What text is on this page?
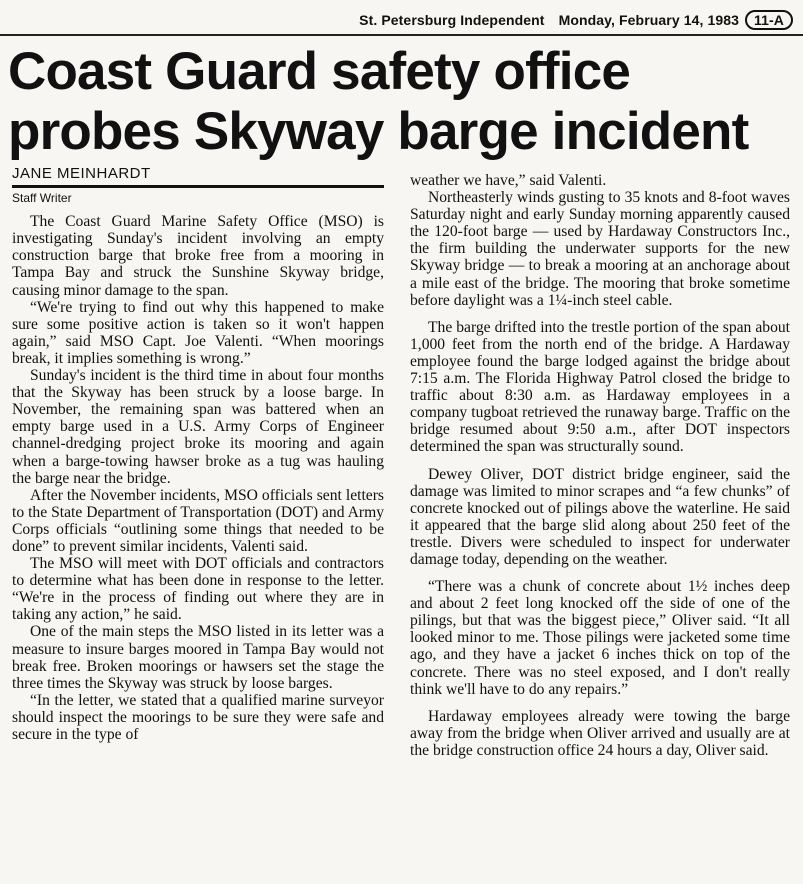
St. Petersburg Independent Monday, February 14, 1983	11-A
Coast Guard safety office probes Skyway barge incident
JANE MEINHARDT
Staff Writer

The Coast Guard Marine Safety Office (MSO) is investigating Sunday's incident involving an empty construction barge that broke free from a mooring in Tampa Bay and struck the Sunshine Skyway bridge, causing minor damage to the span.

“We're trying to find out why this happened to make sure some positive action is taken so it won't happen again,” said MSO Capt. Joe Valenti. “When moorings break, it implies something is wrong.”

Sunday's incident is the third time in about four months that the Skyway has been struck by a loose barge. In November, the remaining span was battered when an empty barge used in a U.S. Army Corps of Engineer channel-dredging project broke its mooring and again when a barge-towing hawser broke as a tug was hauling the barge near the bridge.

After the November incidents, MSO officials sent letters to the State Department of Transportation (DOT) and Army Corps officials “outlining some things that needed to be done” to prevent similar incidents, Valenti said.

The MSO will meet with DOT officials and contractors to determine what has been done in response to the letter. “We're in the process of finding out where they are in taking any action,” he said.

One of the main steps the MSO listed in its letter was a measure to insure barges moored in Tampa Bay would not break free. Broken moorings or hawsers set the stage the three times the Skyway was struck by loose barges.

“In the letter, we stated that a qualified marine surveyor should inspect the moorings to be sure they were safe and secure in the type of

weather we have,” said Valenti.

Northeasterly winds gusting to 35 knots and 8-foot waves Saturday night and early Sunday morning apparently caused the 120-foot barge — used by Hardaway Constructors Inc., the firm building the underwater supports for the new Skyway bridge — to break a mooring at an anchorage about a mile east of the bridge. The mooring that broke sometime before daylight was a 1¼-inch steel cable.

The barge drifted into the trestle portion of the span about 1,000 feet from the north end of the bridge. A Hardaway employee found the barge lodged against the bridge about 7:15 a.m. The Florida Highway Patrol closed the bridge to traffic about 8:30 a.m. as Hardaway employees in a company tugboat retrieved the runaway barge. Traffic on the bridge resumed about 9:50 a.m., after DOT inspectors determined the span was structurally sound.

Dewey Oliver, DOT district bridge engineer, said the damage was limited to minor scrapes and “a few chunks” of concrete knocked out of pilings above the waterline. He said it appeared that the barge slid along about 250 feet of the trestle. Divers were scheduled to inspect for underwater damage today, depending on the weather.

“There was a chunk of concrete about 1½ inches deep and about 2 feet long knocked off the side of one of the pilings, but that was the biggest piece,” Oliver said. “It all looked minor to me. Those pilings were jacketed some time ago, and they have a jacket 6 inches thick on top of the concrete. There was no steel exposed, and I don't really think we'll have to do any repairs.”

Hardaway employees already were towing the barge away from the bridge when Oliver arrived and usually are at the bridge construction office 24 hours a day, Oliver said.
